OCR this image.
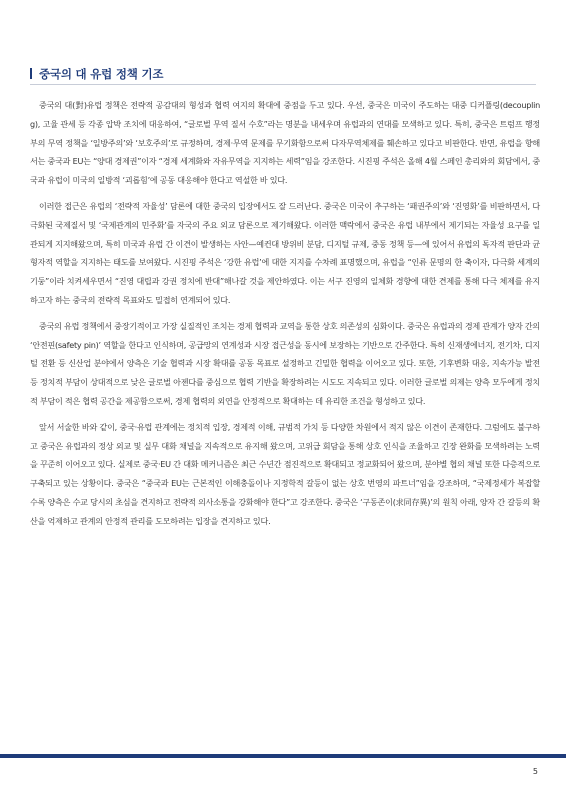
중국의 대 유럽 정책 기조

중국의 대(對)유럽 정책은 전략적 공감대의 형성과 협력 여지의 확대에 중점을 두고 있다. 우선, 중국은 미국이 주도하는 대중 디커플링(decoupling), 고율 관세 등 각종 압박 조치에 대응하여, “글로벌 무역 질서 수호”라는 명분을 내세우며 유럽과의 연대를 모색하고 있다. 특히, 중국은 트럼프 행정부의 무역 정책을 ‘일방주의’와 ‘보호주의’로 규정하며, 경제·무역 문제를 무기화함으로써 다자무역체제를 훼손하고 있다고 비판한다. 반면, 유럽을 향해서는 중국과 EU는 “양대 경제권”이자 “경제 세계화와 자유무역을 지지하는 세력”임을 강조한다. 시진핑 주석은 올해 4월 스페인 총리와의 회담에서, 중국과 유럽이 미국의 일방적 ‘괴롭힘’에 공동 대응해야 한다고 역설한 바 있다.

이러한 접근은 유럽의 ‘전략적 자율성’ 담론에 대한 중국의 입장에서도 잘 드러난다. 중국은 미국이 추구하는 ‘패권주의’와 ‘진영화’를 비판하면서, 다극화된 국제질서 및 ‘국제관계의 민주화’를 자국의 주요 외교 담론으로 제기해왔다. 이러한 맥락에서 중국은 유럽 내부에서 제기되는 자율성 요구를 일관되게 지지해왔으며, 특히 미국과 유럽 간 이견이 발생하는 사안—예컨대 방위비 분담, 디지털 규제, 중동 정책 등—에 있어서 유럽의 독자적 판단과 균형자적 역할을 지지하는 태도를 보여왔다. 시진핑 주석은 ‘강한 유럽’에 대한 지지를 수차례 표명했으며, 유럽을 “인류 문명의 한 축이자, 다극화 세계의 기둥”이라 치켜세우면서 “진영 대립과 강권 정치에 반대”해나갈 것을 제안하였다. 이는 서구 진영의 일체화 경향에 대한 견제를 통해 다극 체제를 유지하고자 하는 중국의 전략적 목표와도 밀접히 연계되어 있다.

중국의 유럽 정책에서 중장기적이고 가장 실질적인 조치는 경제 협력과 교역을 통한 상호 의존성의 심화이다. 중국은 유럽과의 경제 관계가 양자 간의 ‘안전핀(safety pin)’ 역할을 한다고 인식하며, 공급망의 연계성과 시장 접근성을 동시에 보장하는 기반으로 간주한다. 특히 신재생에너지, 전기차, 디지털 전환 등 신산업 분야에서 양측은 기술 협력과 시장 확대를 공동 목표로 설정하고 긴밀한 협력을 이어오고 있다. 또한, 기후변화 대응, 지속가능 발전 등 정치적 부담이 상대적으로 낮은 글로벌 아젠다를 중심으로 협력 기반을 확장하려는 시도도 지속되고 있다. 이러한 글로벌 의제는 양측 모두에게 정치적 부담이 적은 협력 공간을 제공함으로써, 경제 협력의 외연을 안정적으로 확대하는 데 유리한 조건을 형성하고 있다.

앞서 서술한 바와 같이, 중국·유럽 관계에는 정치적 입장, 경제적 이해, 규범적 가치 등 다양한 차원에서 적지 않은 이견이 존재한다. 그럼에도 불구하고 중국은 유럽과의 정상 외교 및 실무 대화 채널을 지속적으로 유지해 왔으며, 고위급 회담을 통해 상호 인식을 조율하고 긴장 완화를 모색하려는 노력을 꾸준히 이어오고 있다. 실제로 중국·EU 간 대화 메커니즘은 최근 수년간 점진적으로 확대되고 정교화되어 왔으며, 분야별 협의 채널 또한 다층적으로 구축되고 있는 상황이다. 중국은 “중국과 EU는 근본적인 이해충돌이나 지정학적 갈등이 없는 상호 번영의 파트너”임을 강조하며, “국제정세가 복잡할수록 양측은 수교 당시의 초심을 견지하고 전략적 의사소통을 강화해야 한다”고 강조한다. 중국은 ‘구동존이(求同存異)’의 원칙 아래, 양자 간 갈등의 확산을 억제하고 관계의 안정적 관리를 도모하려는 입장을 견지하고 있다.

5
